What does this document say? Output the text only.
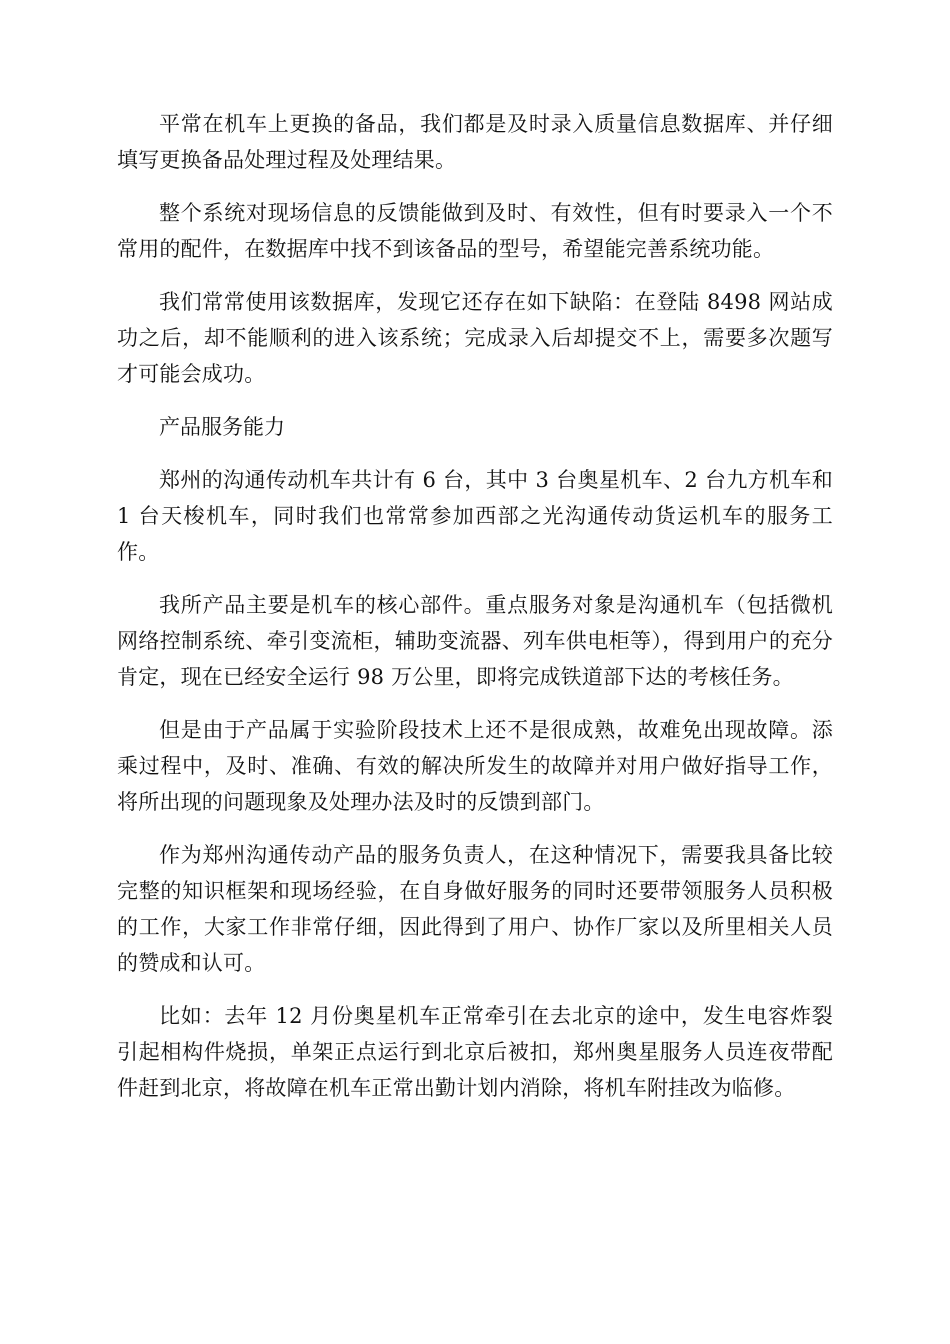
平常在机车上更换的备品，我们都是及时录入质量信息数据库、并仔细填写更换备品处理过程及处理结果。

整个系统对现场信息的反馈能做到及时、有效性，但有时要录入一个不常用的配件，在数据库中找不到该备品的型号，希望能完善系统功能。

我们常常使用该数据库，发现它还存在如下缺陷：在登陆 8498 网站成功之后，却不能顺利的进入该系统；完成录入后却提交不上，需要多次题写才可能会成功。

产品服务能力

郑州的沟通传动机车共计有 6 台，其中 3 台奥星机车、2 台九方机车和 1 台天梭机车，同时我们也常常参加西部之光沟通传动货运机车的服务工作。

我所产品主要是机车的核心部件。重点服务对象是沟通机车（包括微机网络控制系统、牵引变流柜，辅助变流器、列车供电柜等），得到用户的充分肯定，现在已经安全运行 98 万公里，即将完成铁道部下达的考核任务。

但是由于产品属于实验阶段技术上还不是很成熟，故难免出现故障。添乘过程中，及时、准确、有效的解决所发生的故障并对用户做好指导工作，将所出现的问题现象及处理办法及时的反馈到部门。

作为郑州沟通传动产品的服务负责人，在这种情况下，需要我具备比较完整的知识框架和现场经验，在自身做好服务的同时还要带领服务人员积极的工作，大家工作非常仔细，因此得到了用户、协作厂家以及所里相关人员的赞成和认可。

比如：去年 12 月份奥星机车正常牵引在去北京的途中，发生电容炸裂引起相构件烧损，单架正点运行到北京后被扣，郑州奥星服务人员连夜带配件赶到北京，将故障在机车正常出勤计划内消除，将机车附挂改为临修。
